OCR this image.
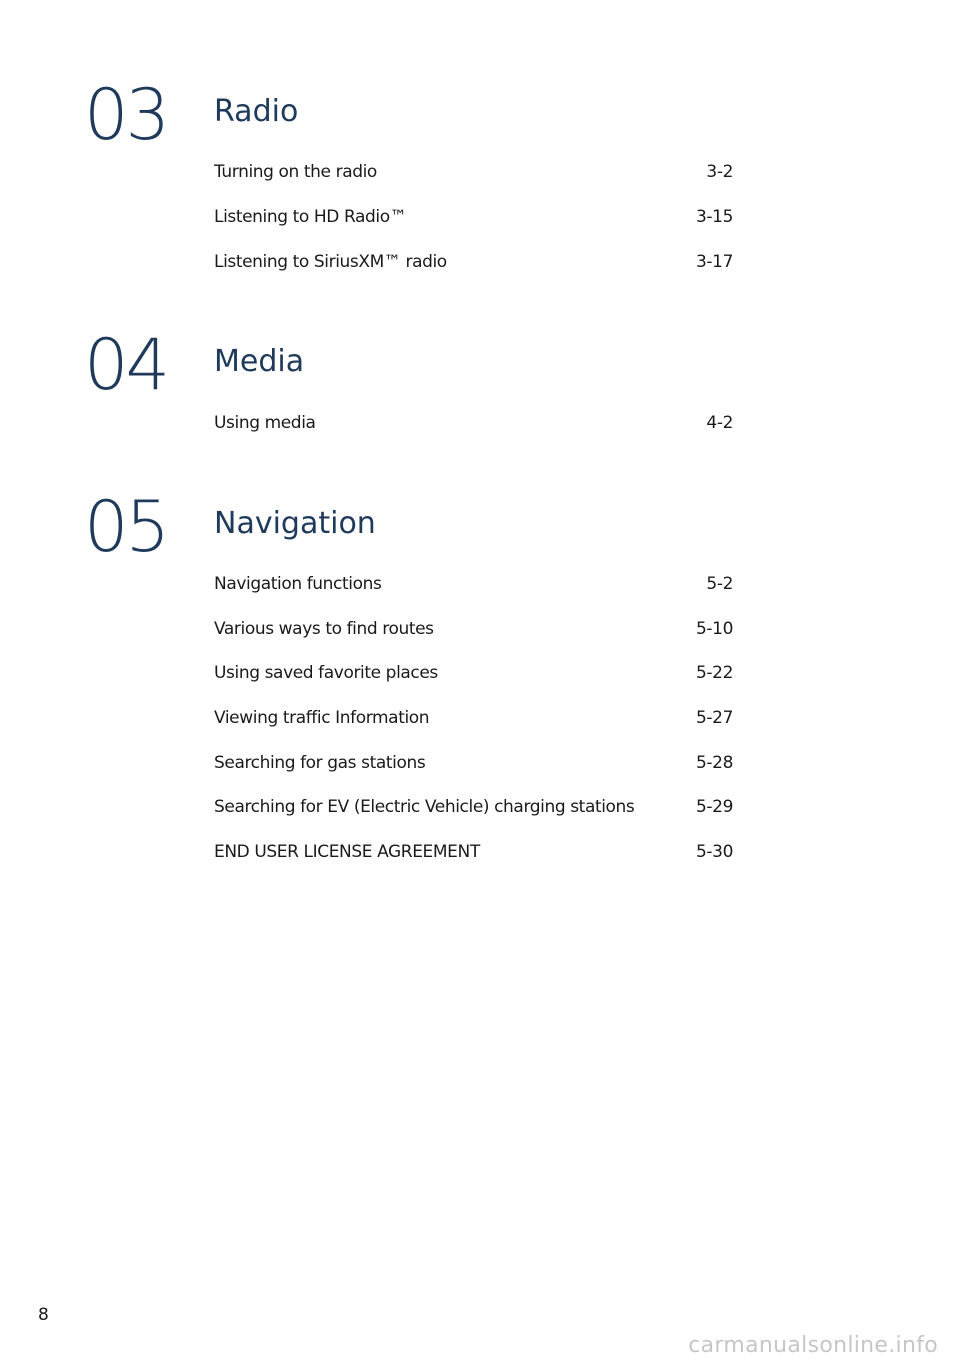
03 Radio
Turning on the radio	3-2
Listening to HD Radio™	3-15
Listening to SiriusXM™ radio	3-17
04 Media
Using media	4-2
05 Navigation
Navigation functions	5-2
Various ways to find routes	5-10
Using saved favorite places	5-22
Viewing traffic Information	5-27
Searching for gas stations	5-28
Searching for EV (Electric Vehicle) charging stations	5-29
END USER LICENSE AGREEMENT	5-30
8
carmanualsonline.info
